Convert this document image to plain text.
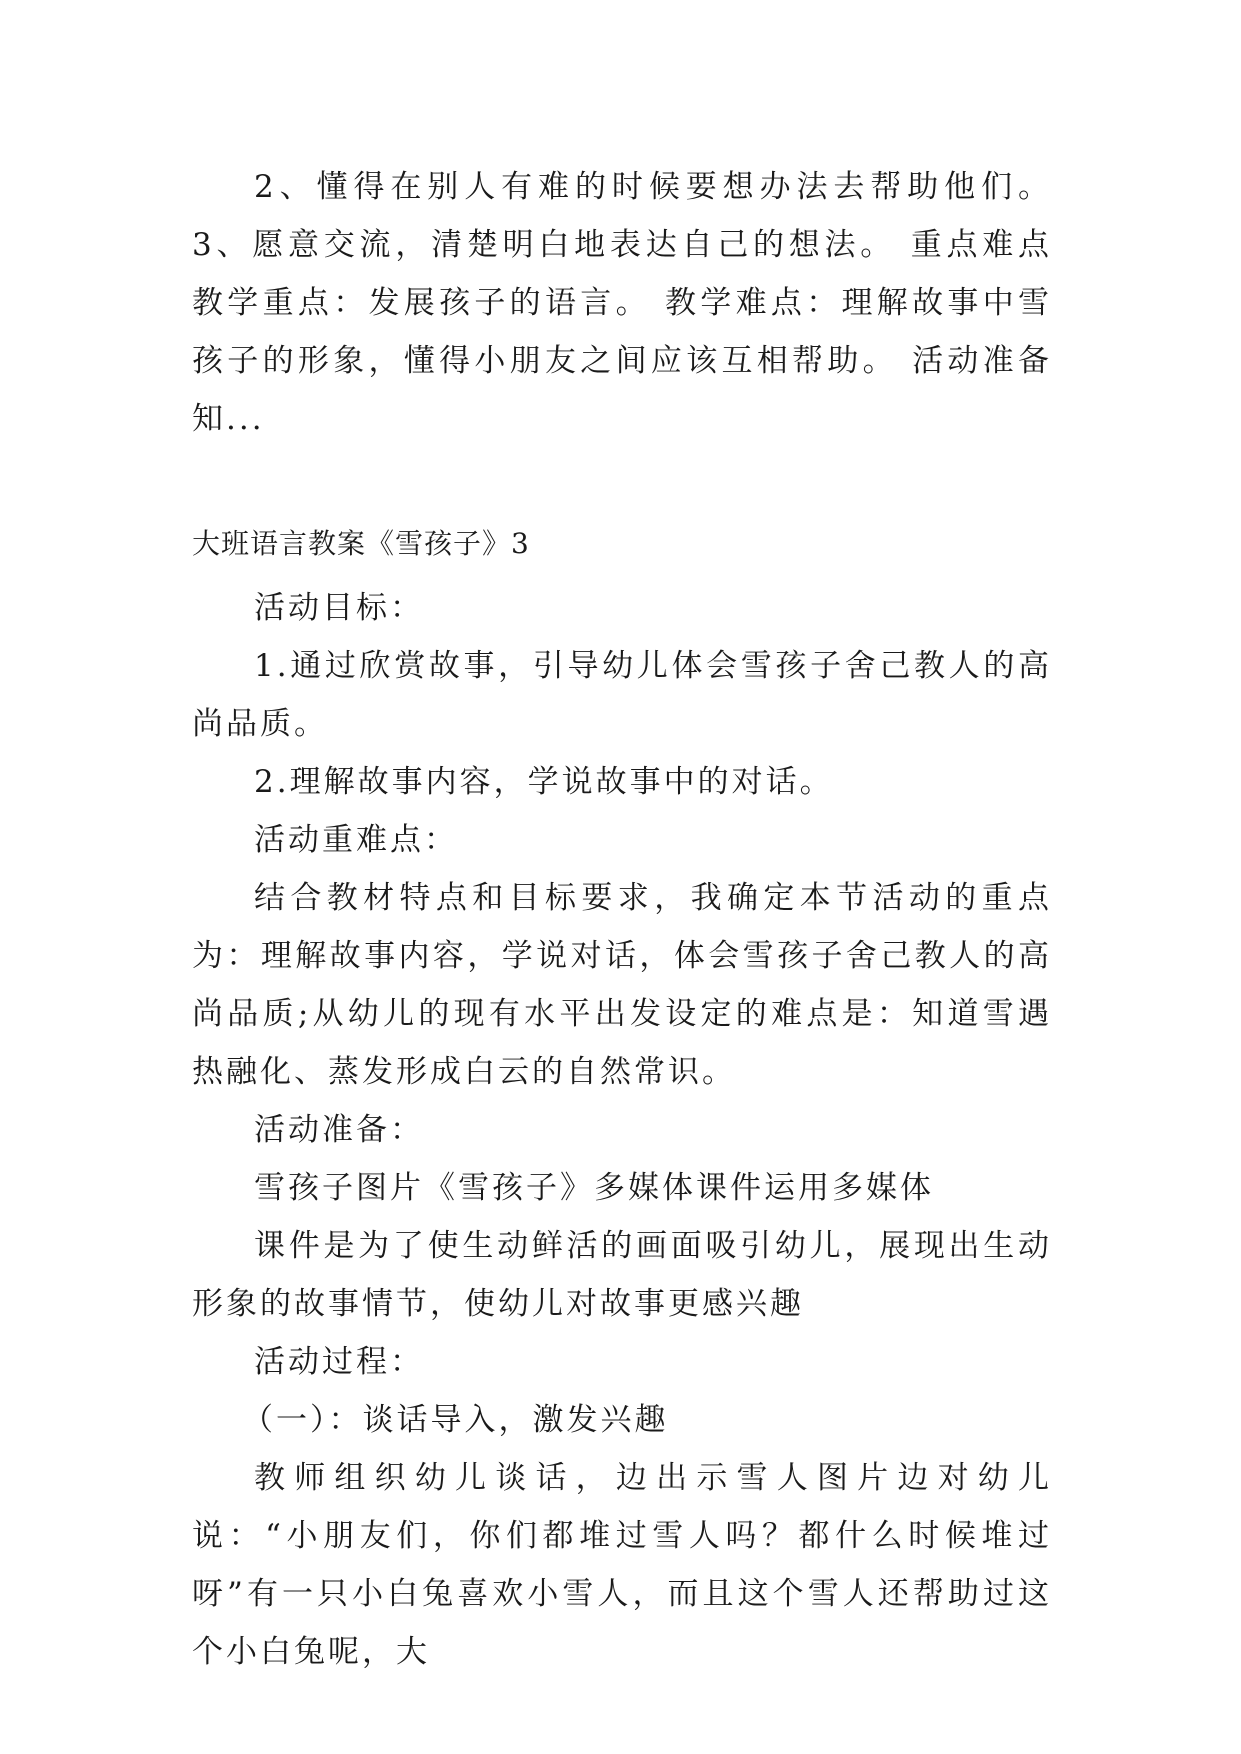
2、懂得在别人有难的时候要想办法去帮助他们。 3、愿意交流，清楚明白地表达自己的想法。 重点难点 教学重点：发展孩子的语言。 教学难点：理解故事中雪孩子的形象，懂得小朋友之间应该互相帮助。 活动准备 知...

大班语言教案《雪孩子》3

活动目标：

1.通过欣赏故事，引导幼儿体会雪孩子舍己教人的高尚品质。

2.理解故事内容，学说故事中的对话。

活动重难点：

结合教材特点和目标要求，我确定本节活动的重点为：理解故事内容，学说对话，体会雪孩子舍己教人的高尚品质;从幼儿的现有水平出发设定的难点是：知道雪遇热融化、蒸发形成白云的自然常识。

活动准备：

雪孩子图片《雪孩子》多媒体课件运用多媒体

课件是为了使生动鲜活的画面吸引幼儿，展现出生动形象的故事情节，使幼儿对故事更感兴趣

活动过程：

（一）：谈话导入，激发兴趣

教师组织幼儿谈话，边出示雪人图片边对幼儿说：“小朋友们，你们都堆过雪人吗？都什么时候堆过呀”有一只小白兔喜欢小雪人，而且这个雪人还帮助过这个小白兔呢，大
